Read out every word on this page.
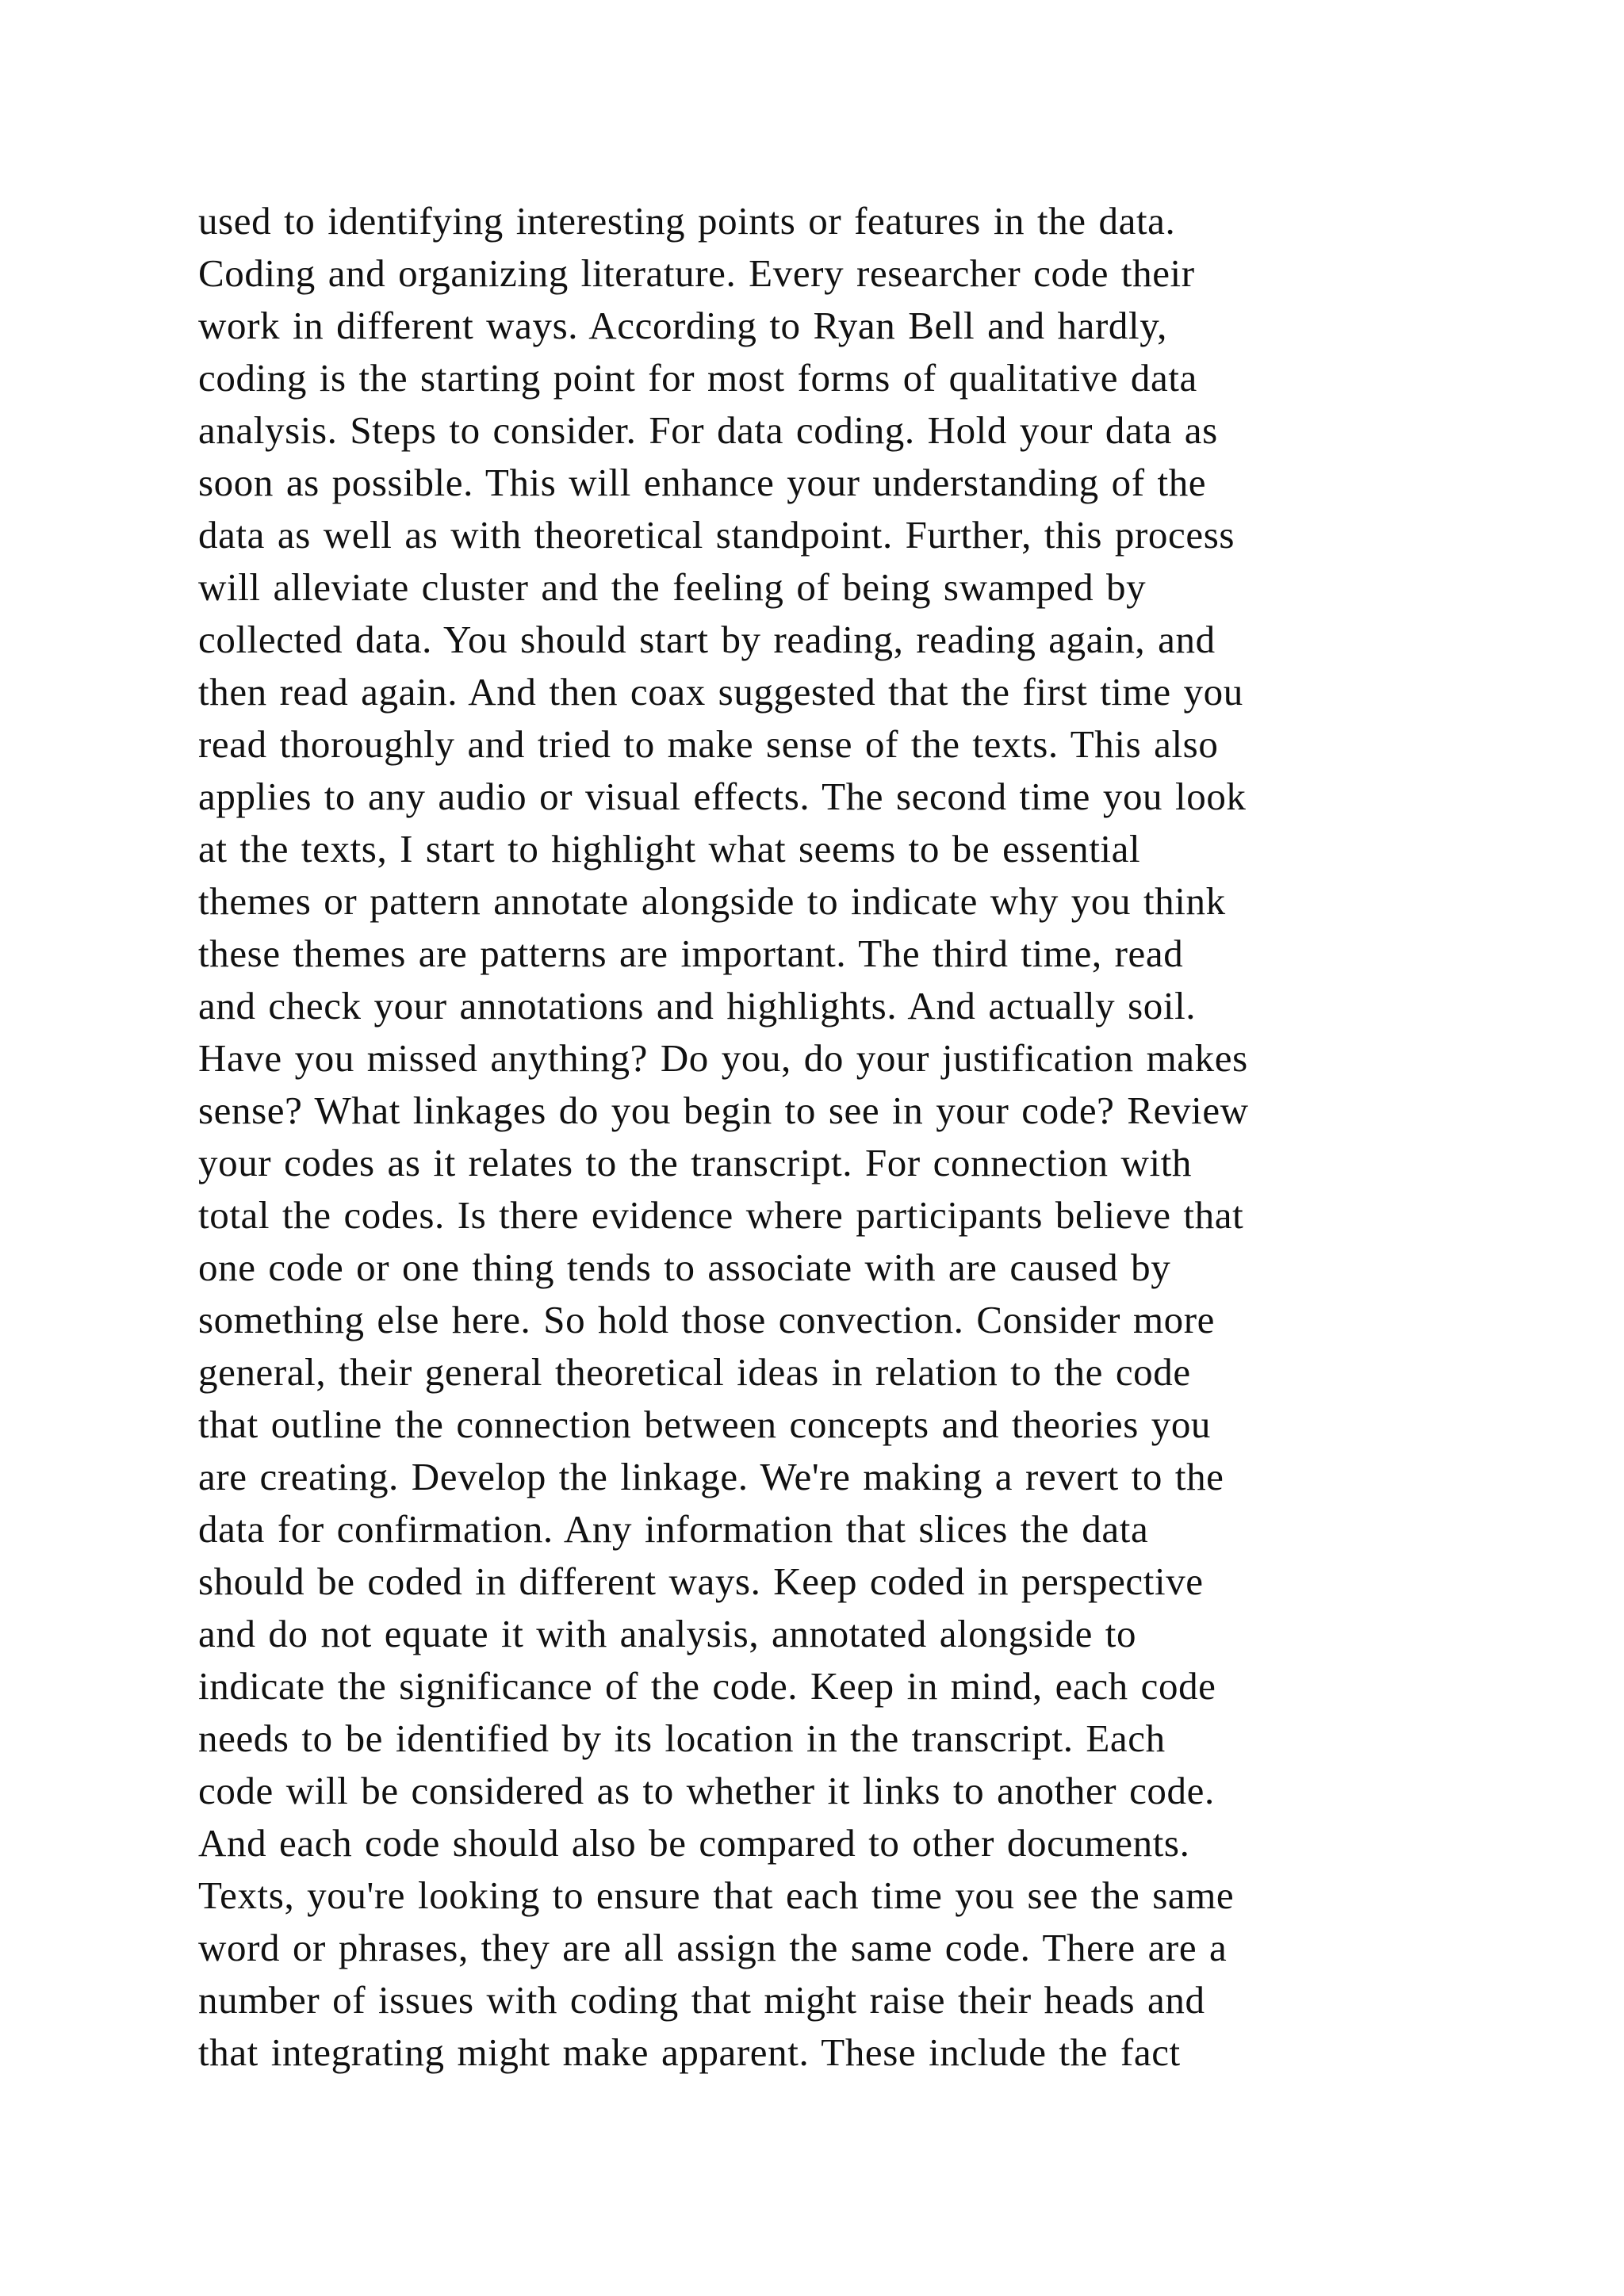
used to identifying interesting points or features in the data.
Coding and organizing literature. Every researcher code their
work in different ways. According to Ryan Bell and hardly,
coding is the starting point for most forms of qualitative data
analysis. Steps to consider. For data coding. Hold your data as
soon as possible. This will enhance your understanding of the
data as well as with theoretical standpoint. Further, this process
will alleviate cluster and the feeling of being swamped by
collected data. You should start by reading, reading again, and
then read again. And then coax suggested that the first time you
read thoroughly and tried to make sense of the texts. This also
applies to any audio or visual effects. The second time you look
at the texts, I start to highlight what seems to be essential
themes or pattern annotate alongside to indicate why you think
these themes are patterns are important. The third time, read
and check your annotations and highlights. And actually soil.
Have you missed anything? Do you, do your justification makes
sense? What linkages do you begin to see in your code? Review
your codes as it relates to the transcript. For connection with
total the codes. Is there evidence where participants believe that
one code or one thing tends to associate with are caused by
something else here. So hold those convection. Consider more
general, their general theoretical ideas in relation to the code
that outline the connection between concepts and theories you
are creating. Develop the linkage. We're making a revert to the
data for confirmation. Any information that slices the data
should be coded in different ways. Keep coded in perspective
and do not equate it with analysis, annotated alongside to
indicate the significance of the code. Keep in mind, each code
needs to be identified by its location in the transcript. Each
code will be considered as to whether it links to another code.
And each code should also be compared to other documents.
Texts, you're looking to ensure that each time you see the same
word or phrases, they are all assign the same code. There are a
number of issues with coding that might raise their heads and
that integrating might make apparent. These include the fact
